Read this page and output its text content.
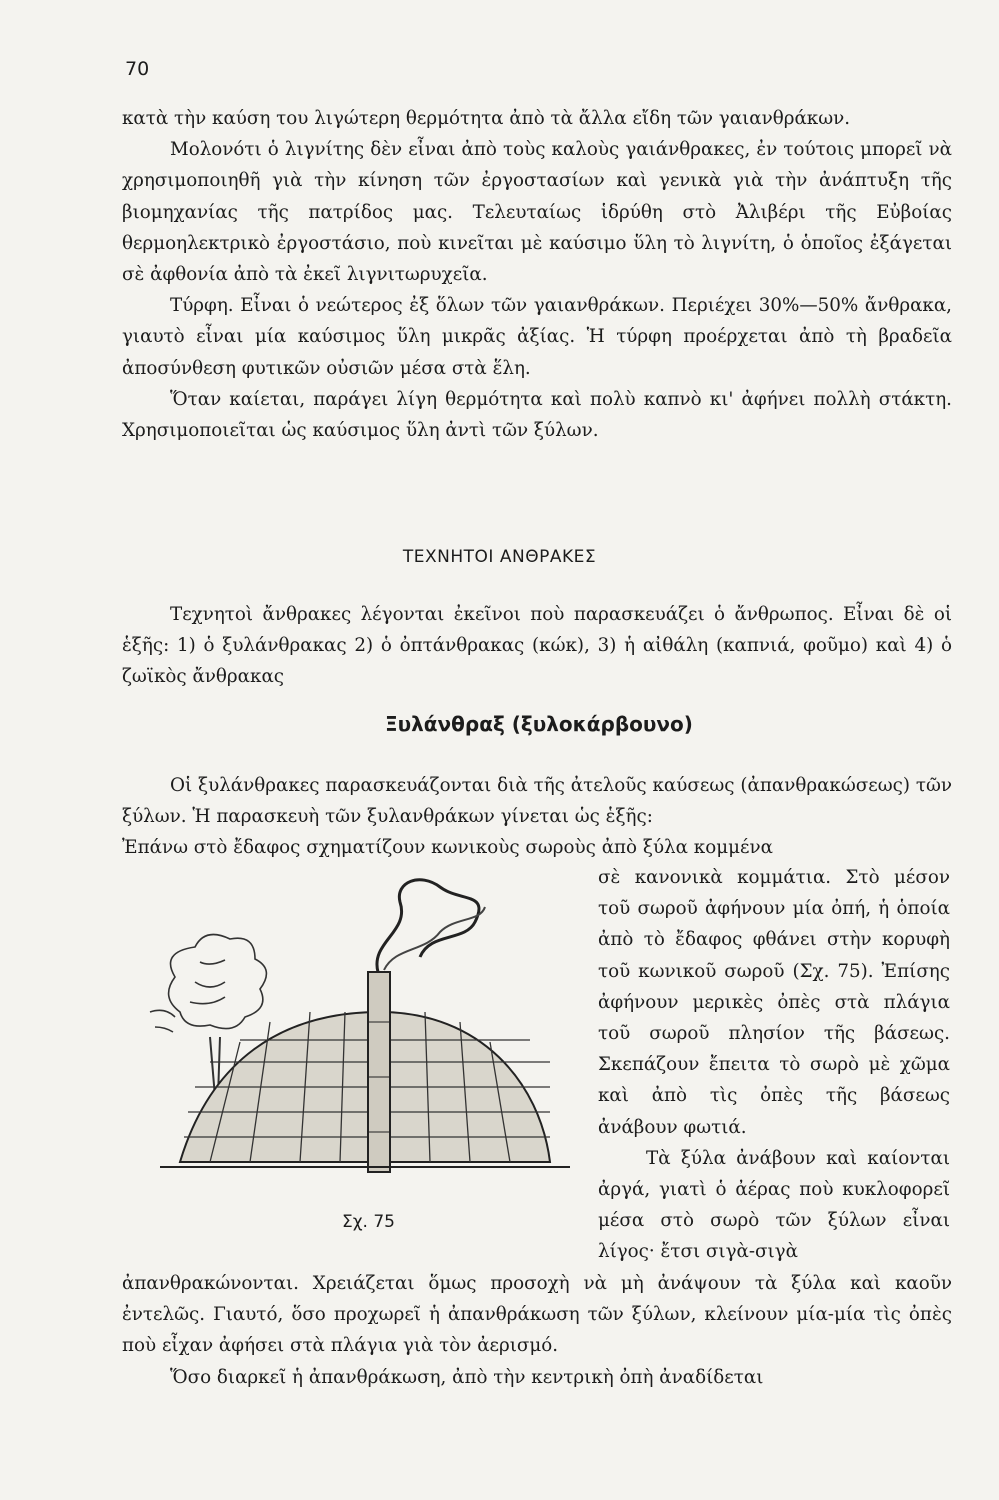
70

κατὰ τὴν καύση του λιγώτερη θερμότητα ἀπὸ τὰ ἄλλα εἴδη τῶν γαιανθράκων.

Μολονότι ὁ λιγνίτης δὲν εἶναι ἀπὸ τοὺς καλοὺς γαιάνθρακες, ἐν τούτοις μπορεῖ νὰ χρησιμοποιηθῆ γιὰ τὴν κίνηση τῶν ἐργοστασίων καὶ γενικὰ γιὰ τὴν ἀνάπτυξη τῆς βιομηχανίας τῆς πατρίδος μας. Τελευταίως ἱδρύθη στὸ Ἀλιβέρι τῆς Εὐβοίας θερμοηλεκτρικὸ ἐργοστάσιο, ποὺ κινεῖται μὲ καύσιμο ὕλη τὸ λιγνίτη, ὁ ὁποῖος ἐξάγεται σὲ ἀφθονία ἀπὸ τὰ ἐκεῖ λιγνιτωρυχεῖα.

Τύρφη. Εἶναι ὁ νεώτερος ἐξ ὅλων τῶν γαιανθράκων. Περιέχει 30%—50% ἄνθρακα, γιαυτὸ εἶναι μία καύσιμος ὕλη μικρᾶς ἀξίας. Ἡ τύρφη προέρχεται ἀπὸ τὴ βραδεῖα ἀποσύνθεση φυτικῶν οὐσιῶν μέσα στὰ ἕλη.

Ὅταν καίεται, παράγει λίγη θερμότητα καὶ πολὺ καπνὸ κι' ἀφήνει πολλὴ στάκτη. Χρησιμοποιεῖται ὡς καύσιμος ὕλη ἀντὶ τῶν ξύλων.

ΤΕΧΝΗΤΟΙ ΑΝΘΡΑΚΕΣ

Τεχνητοὶ ἄνθρακες λέγονται ἐκεῖνοι ποὺ παρασκευάζει ὁ ἄνθρωπος. Εἶναι δὲ οἱ ἑξῆς: 1) ὁ ξυλάνθρακας 2) ὁ ὀπτάνθρακας (κώκ), 3) ἡ αἰθάλη (καπνιά, φοῦμο) καὶ 4) ὁ ζωϊκὸς ἄνθρακας

Ξυλάνθραξ (ξυλοκάρβουνο)

Οἱ ξυλάνθρακες παρασκευάζονται διὰ τῆς ἀτελοῦς καύσεως (ἀπανθρακώσεως) τῶν ξύλων. Ἡ παρασκευὴ τῶν ξυλανθράκων γίνεται ὡς ἑξῆς:

Ἐπάνω στὸ ἔδαφος σχηματίζουν κωνικοὺς σωροὺς ἀπὸ ξύλα κομμένα

Σχ. 75

σὲ κανονικὰ κομμάτια. Στὸ μέσον τοῦ σωροῦ ἀφήνουν μία ὀπή, ἡ ὁποία ἀπὸ τὸ ἔδαφος φθάνει στὴν κορυφὴ τοῦ κωνικοῦ σωροῦ (Σχ. 75). Ἐπίσης ἀφήνουν μερικὲς ὀπὲς στὰ πλάγια τοῦ σωροῦ πλησίον τῆς βάσεως. Σκεπάζουν ἔπειτα τὸ σωρὸ μὲ χῶμα καὶ ἀπὸ τὶς ὀπὲς τῆς βάσεως ἀνάβουν φωτιά.

Τὰ ξύλα ἀνάβουν καὶ καίονται ἀργά, γιατὶ ὁ ἀέρας ποὺ κυκλοφορεῖ μέσα στὸ σωρὸ τῶν ξύλων εἶναι λίγος· ἔτσι σιγὰ-σιγὰ

ἀπανθρακώνονται. Χρειάζεται ὅμως προσοχὴ νὰ μὴ ἀνάψουν τὰ ξύλα καὶ καοῦν ἐντελῶς. Γιαυτό, ὅσο προχωρεῖ ἡ ἀπανθράκωση τῶν ξύλων, κλείνουν μία-μία τὶς ὀπὲς ποὺ εἶχαν ἀφήσει στὰ πλάγια γιὰ τὸν ἀερισμό.

Ὅσο διαρκεῖ ἡ ἀπανθράκωση, ἀπὸ τὴν κεντρικὴ ὀπὴ ἀναδίδεται
